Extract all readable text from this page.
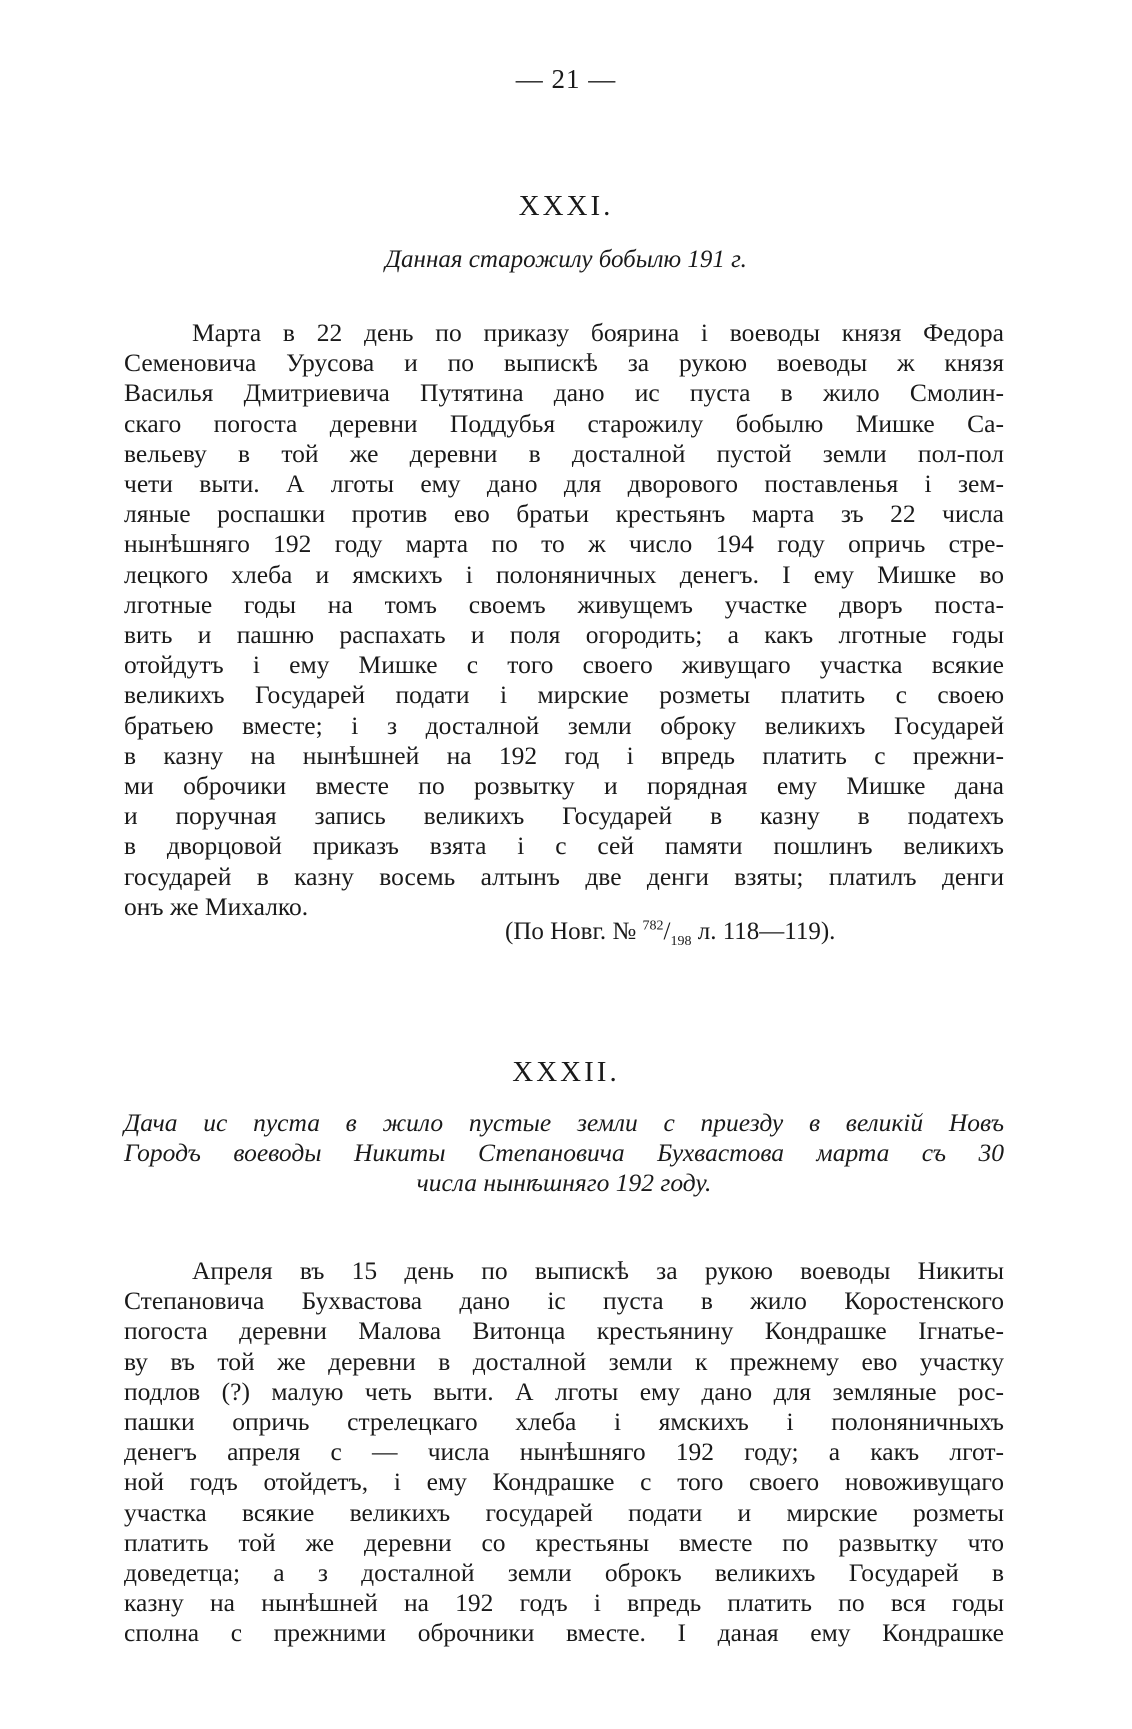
— 21 —
XXXI.
Данная старожилу бобылю 191 г.
Марта в 22 день по приказу боярина і воеводы князя Федора
Семеновича Урусова и по выпискѣ за рукою воеводы ж князя
Василья Дмитриевича Путятина дано ис пуста в жило Смолин-
скаго погоста деревни Поддубья старожилу бобылю Мишке Са-
вельеву в той же деревни в досталной пустой земли пол-пол
чети выти. А лготы ему дано для дворового поставленья і зем-
ляные роспашки против ево братьи крестьянъ марта зъ 22 числа
нынѣшняго 192 году марта по то ж число 194 году опричь стре-
лецкого хлеба и ямскихъ і полоняничных денегъ. І ему Мишке во
лготные годы на томъ своемъ живущемъ участке дворъ поста-
вить и пашню распахать и поля огородить; а какъ лготные годы
отойдутъ і ему Мишке с того своего живущаго участка всякие
великихъ Государей подати і мирские розметы платить с своею
братьею вместе; і з досталной земли оброку великихъ Государей
в казну на нынѣшней на 192 год і впредь платить с прежни-
ми оброчики вместе по розвытку и порядная ему Мишке дана
и поручная запись великихъ Государей в казну в податехъ
в дворцовой приказъ взята і с сей памяти пошлинъ великихъ
государей в казну восемь алтынъ две денги взяты; платилъ денги
онъ же Михалко.
(По Новг. № $^{782}/_{198}$ л. 118—119).
XXXII.
Дача ис пуста в жило пустые земли с приезду в великій Новъ
Городъ воеводы Никиты Степановича Бухвастова марта съ 30
числа нынѣшняго 192 году.
Апреля въ 15 день по выпискѣ за рукою воеводы Никиты
Степановича Бухвастова дано іс пуста в жило Коростенского
погоста деревни Малова Витонца крестьянину Кондрашке Ігнатье-
ву въ той же деревни в досталной земли к прежнему ево участку
подлов (?) малую четь выти. А лготы ему дано для земляные рос-
пашки опричь стрелецкаго хлеба і ямскихъ і полоняничныхъ
денегъ апреля с — числа нынѣшняго 192 году; а какъ лгот-
ной годъ отойдетъ, і ему Кондрашке с того своего новоживущаго
участка всякие великихъ государей подати и мирские розметы
платить той же деревни со крестьяны вместе по развытку что
доведетца; а з досталной земли оброкъ великихъ Государей в
казну на нынѣшней на 192 годъ і впредь платить по вся годы
сполна с прежними оброчники вместе. І даная ему Кондрашке
